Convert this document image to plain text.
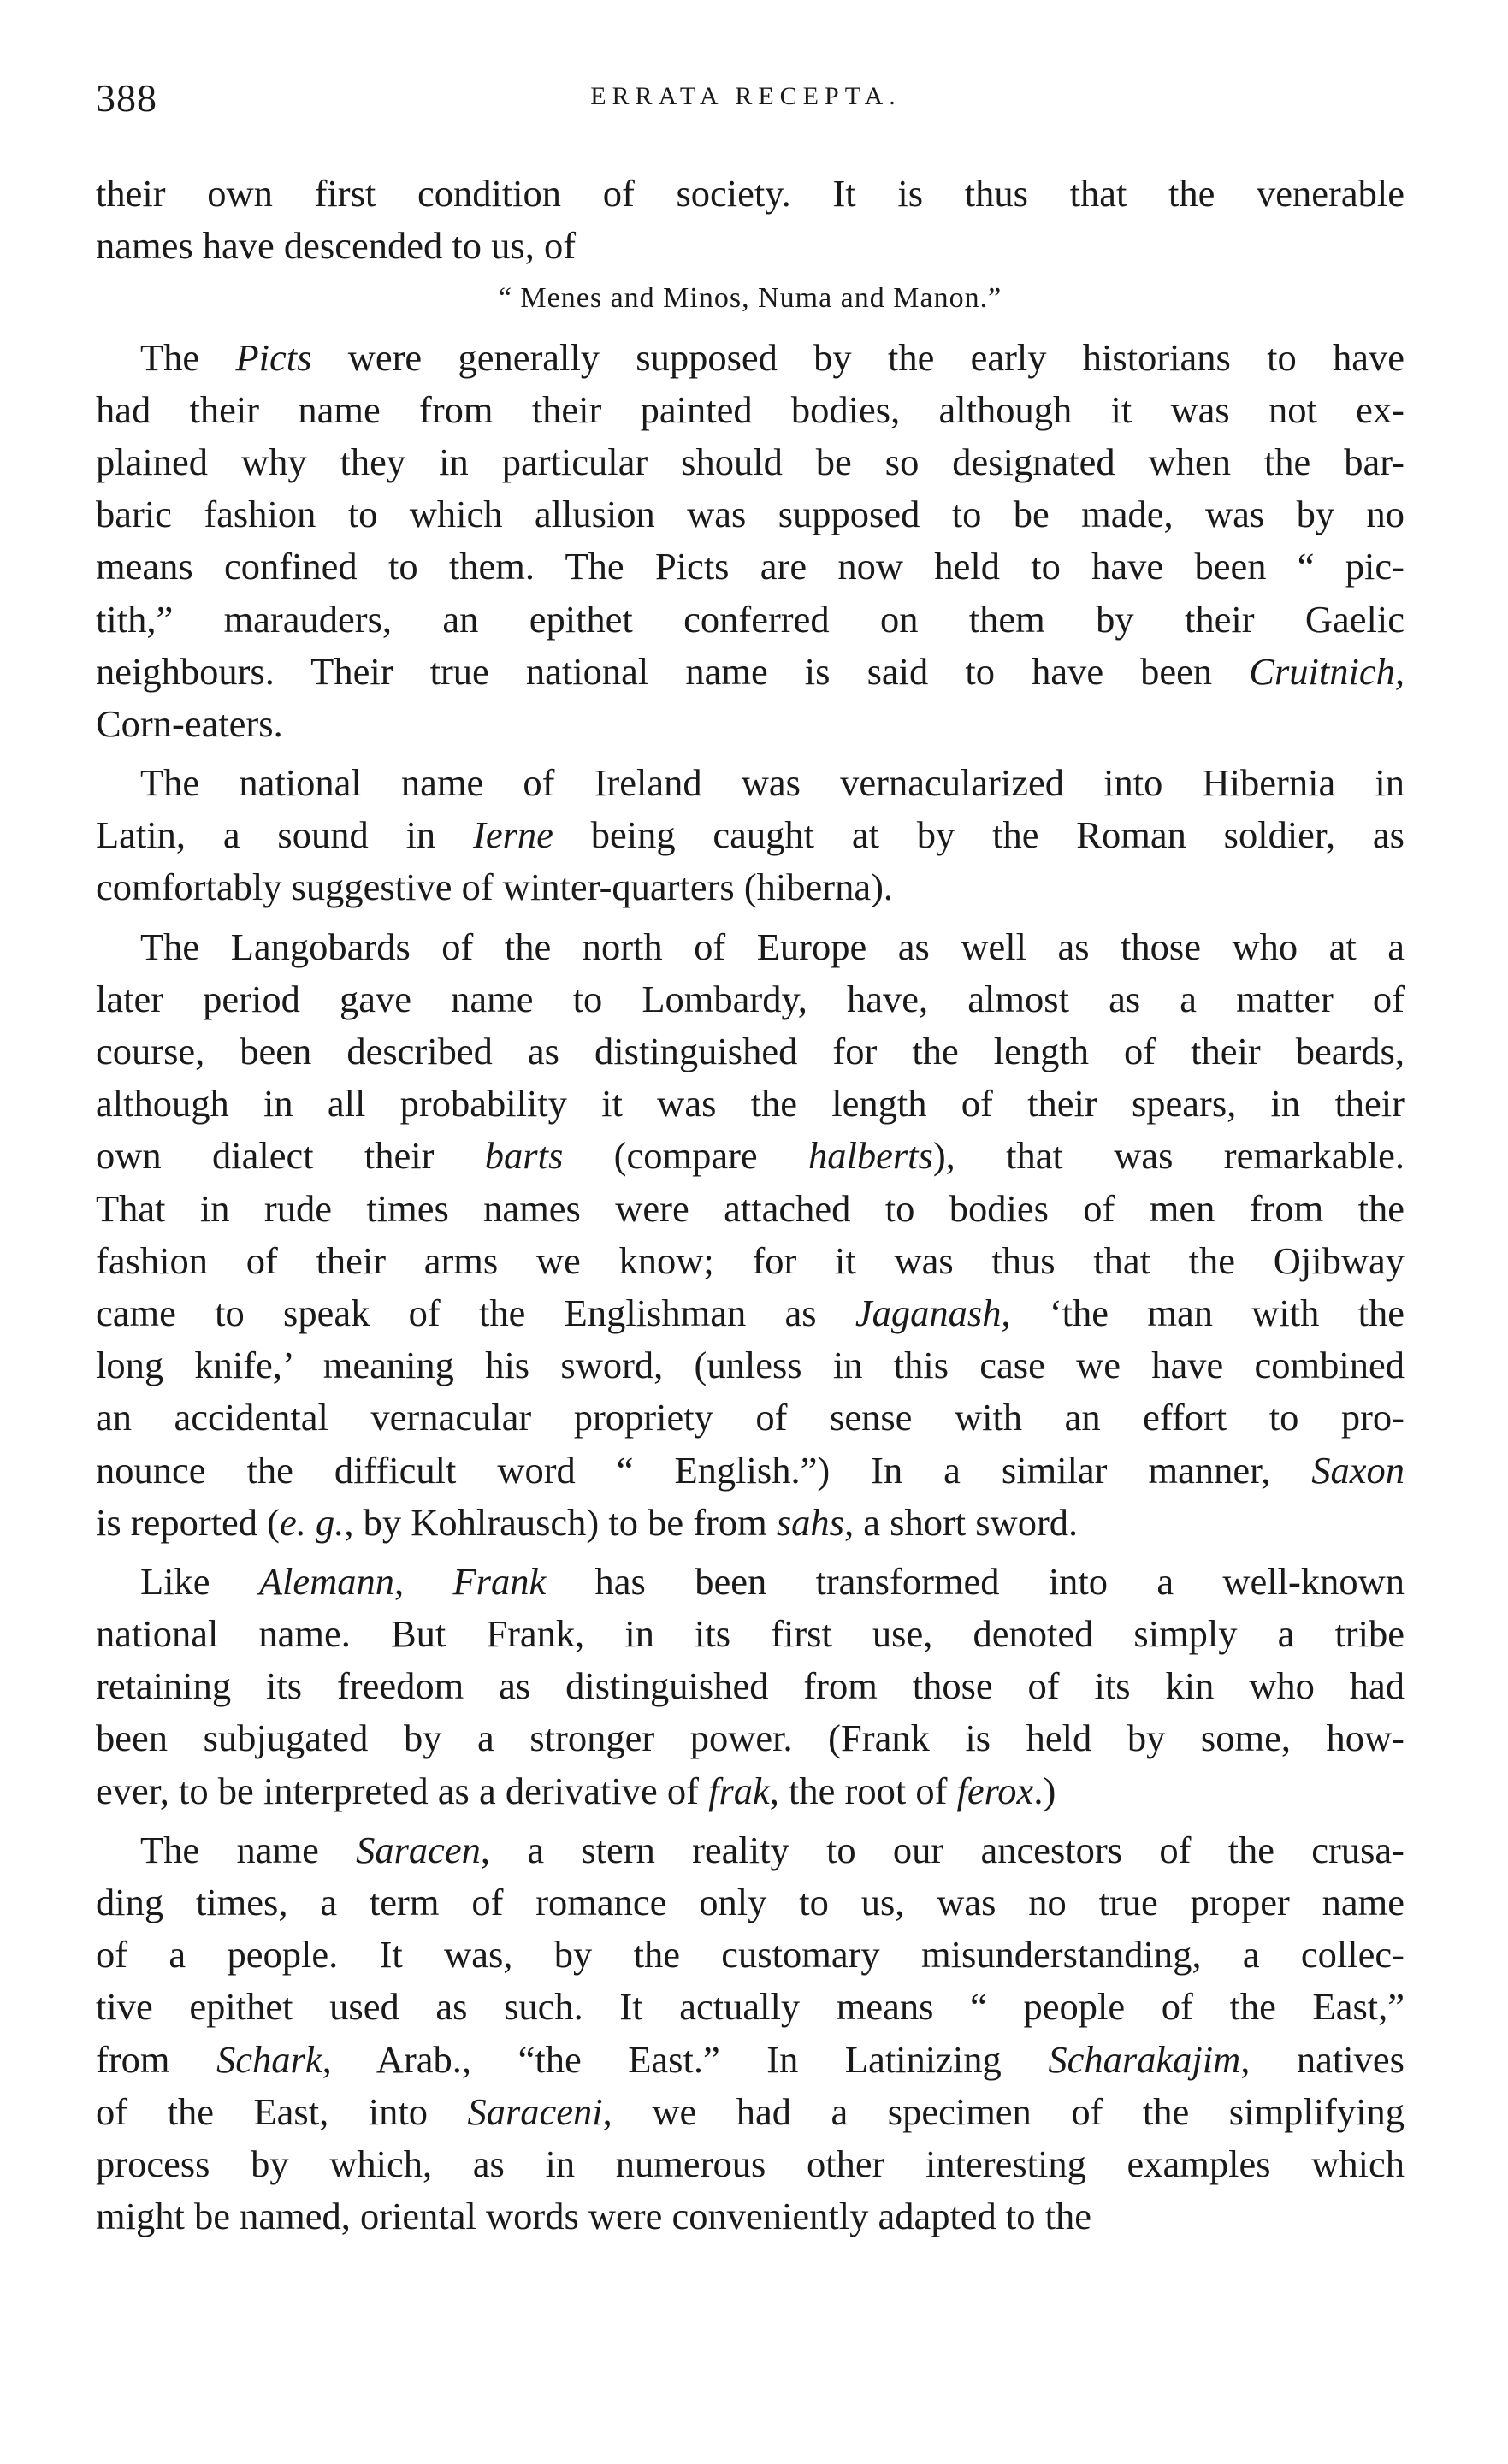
388	ERRATA RECEPTA.
their own first condition of society. It is thus that the venerable
names have descended to us, of
“ Menes and Minos, Numa and Manon.”
The Picts were generally supposed by the early historians to have
had their name from their painted bodies, although it was not ex-
plained why they in particular should be so designated when the bar-
baric fashion to which allusion was supposed to be made, was by no
means confined to them. The Picts are now held to have been “ pic-
tith,” marauders, an epithet conferred on them by their Gaelic
neighbours. Their true national name is said to have been Cruitnich,
Corn-eaters.
The national name of Ireland was vernacularized into Hibernia in
Latin, a sound in Ierne being caught at by the Roman soldier, as
comfortably suggestive of winter-quarters (hiberna).
The Langobards of the north of Europe as well as those who at a
later period gave name to Lombardy, have, almost as a matter of
course, been described as distinguished for the length of their beards,
although in all probability it was the length of their spears, in their
own dialect their barts (compare halberts), that was remarkable.
That in rude times names were attached to bodies of men from the
fashion of their arms we know; for it was thus that the Ojibway
came to speak of the Englishman as Jaganash, ‘the man with the
long knife,’ meaning his sword, (unless in this case we have combined
an accidental vernacular propriety of sense with an effort to pro-
nounce the difficult word “ English.”) In a similar manner, Saxon
is reported (e. g., by Kohlrausch) to be from sahs, a short sword.
Like Alemann, Frank has been transformed into a well-known
national name. But Frank, in its first use, denoted simply a tribe
retaining its freedom as distinguished from those of its kin who had
been subjugated by a stronger power. (Frank is held by some, how-
ever, to be interpreted as a derivative of frak, the root of ferox.)
The name Saracen, a stern reality to our ancestors of the crusa-
ding times, a term of romance only to us, was no true proper name
of a people. It was, by the customary misunderstanding, a collec-
tive epithet used as such. It actually means “ people of the East,”
from Schark, Arab., “the East.” In Latinizing Scharakajim, natives
of the East, into Saraceni, we had a specimen of the simplifying
process by which, as in numerous other interesting examples which
might be named, oriental words were conveniently adapted to the
